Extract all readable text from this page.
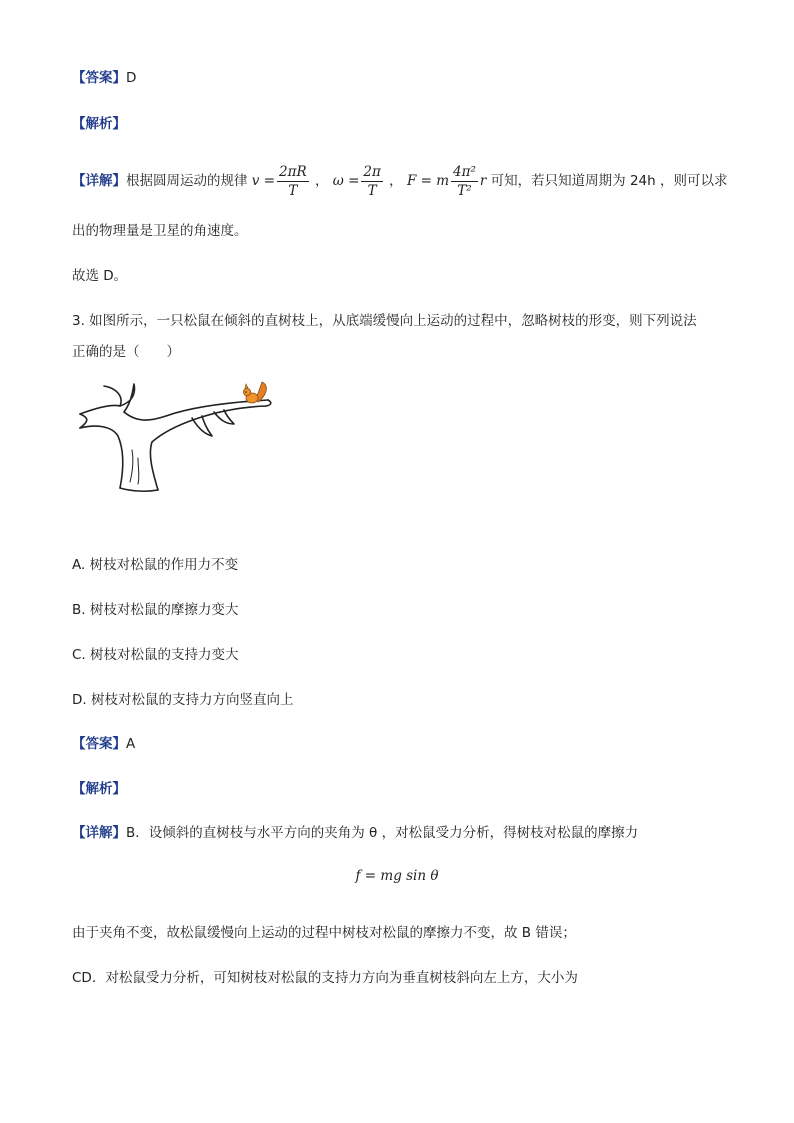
【答案】D
【解析】
【详解】根据圆周运动的规律 $v = \frac{2\pi R}{T}$ ， $\omega = \frac{2\pi}{T}$ ， F = m $\frac{\text{4π²}}{\text{T²}}$ r 可知，若只知道周期为 24h ，则可以求
出的物理量是卫星的角速度。
故选 D。
3. 如图所示，一只松鼠在倾斜的直树枝上，从底端缓慢向上运动的过程中，忽略树枝的形变，则下列说法
正确的是（　　）
A. 树枝对松鼠的作用力不变
B. 树枝对松鼠的摩擦力变大
C. 树枝对松鼠的支持力变大
D. 树枝对松鼠的支持力方向竖直向上
【答案】A
【解析】
【详解】B．设倾斜的直树枝与水平方向的夹角为 θ ，对松鼠受力分析，得树枝对松鼠的摩擦力
f = mg sin θ
由于夹角不变，故松鼠缓慢向上运动的过程中树枝对松鼠的摩擦力不变，故 B 错误；
CD．对松鼠受力分析，可知树枝对松鼠的支持力方向为垂直树枝斜向左上方，大小为
